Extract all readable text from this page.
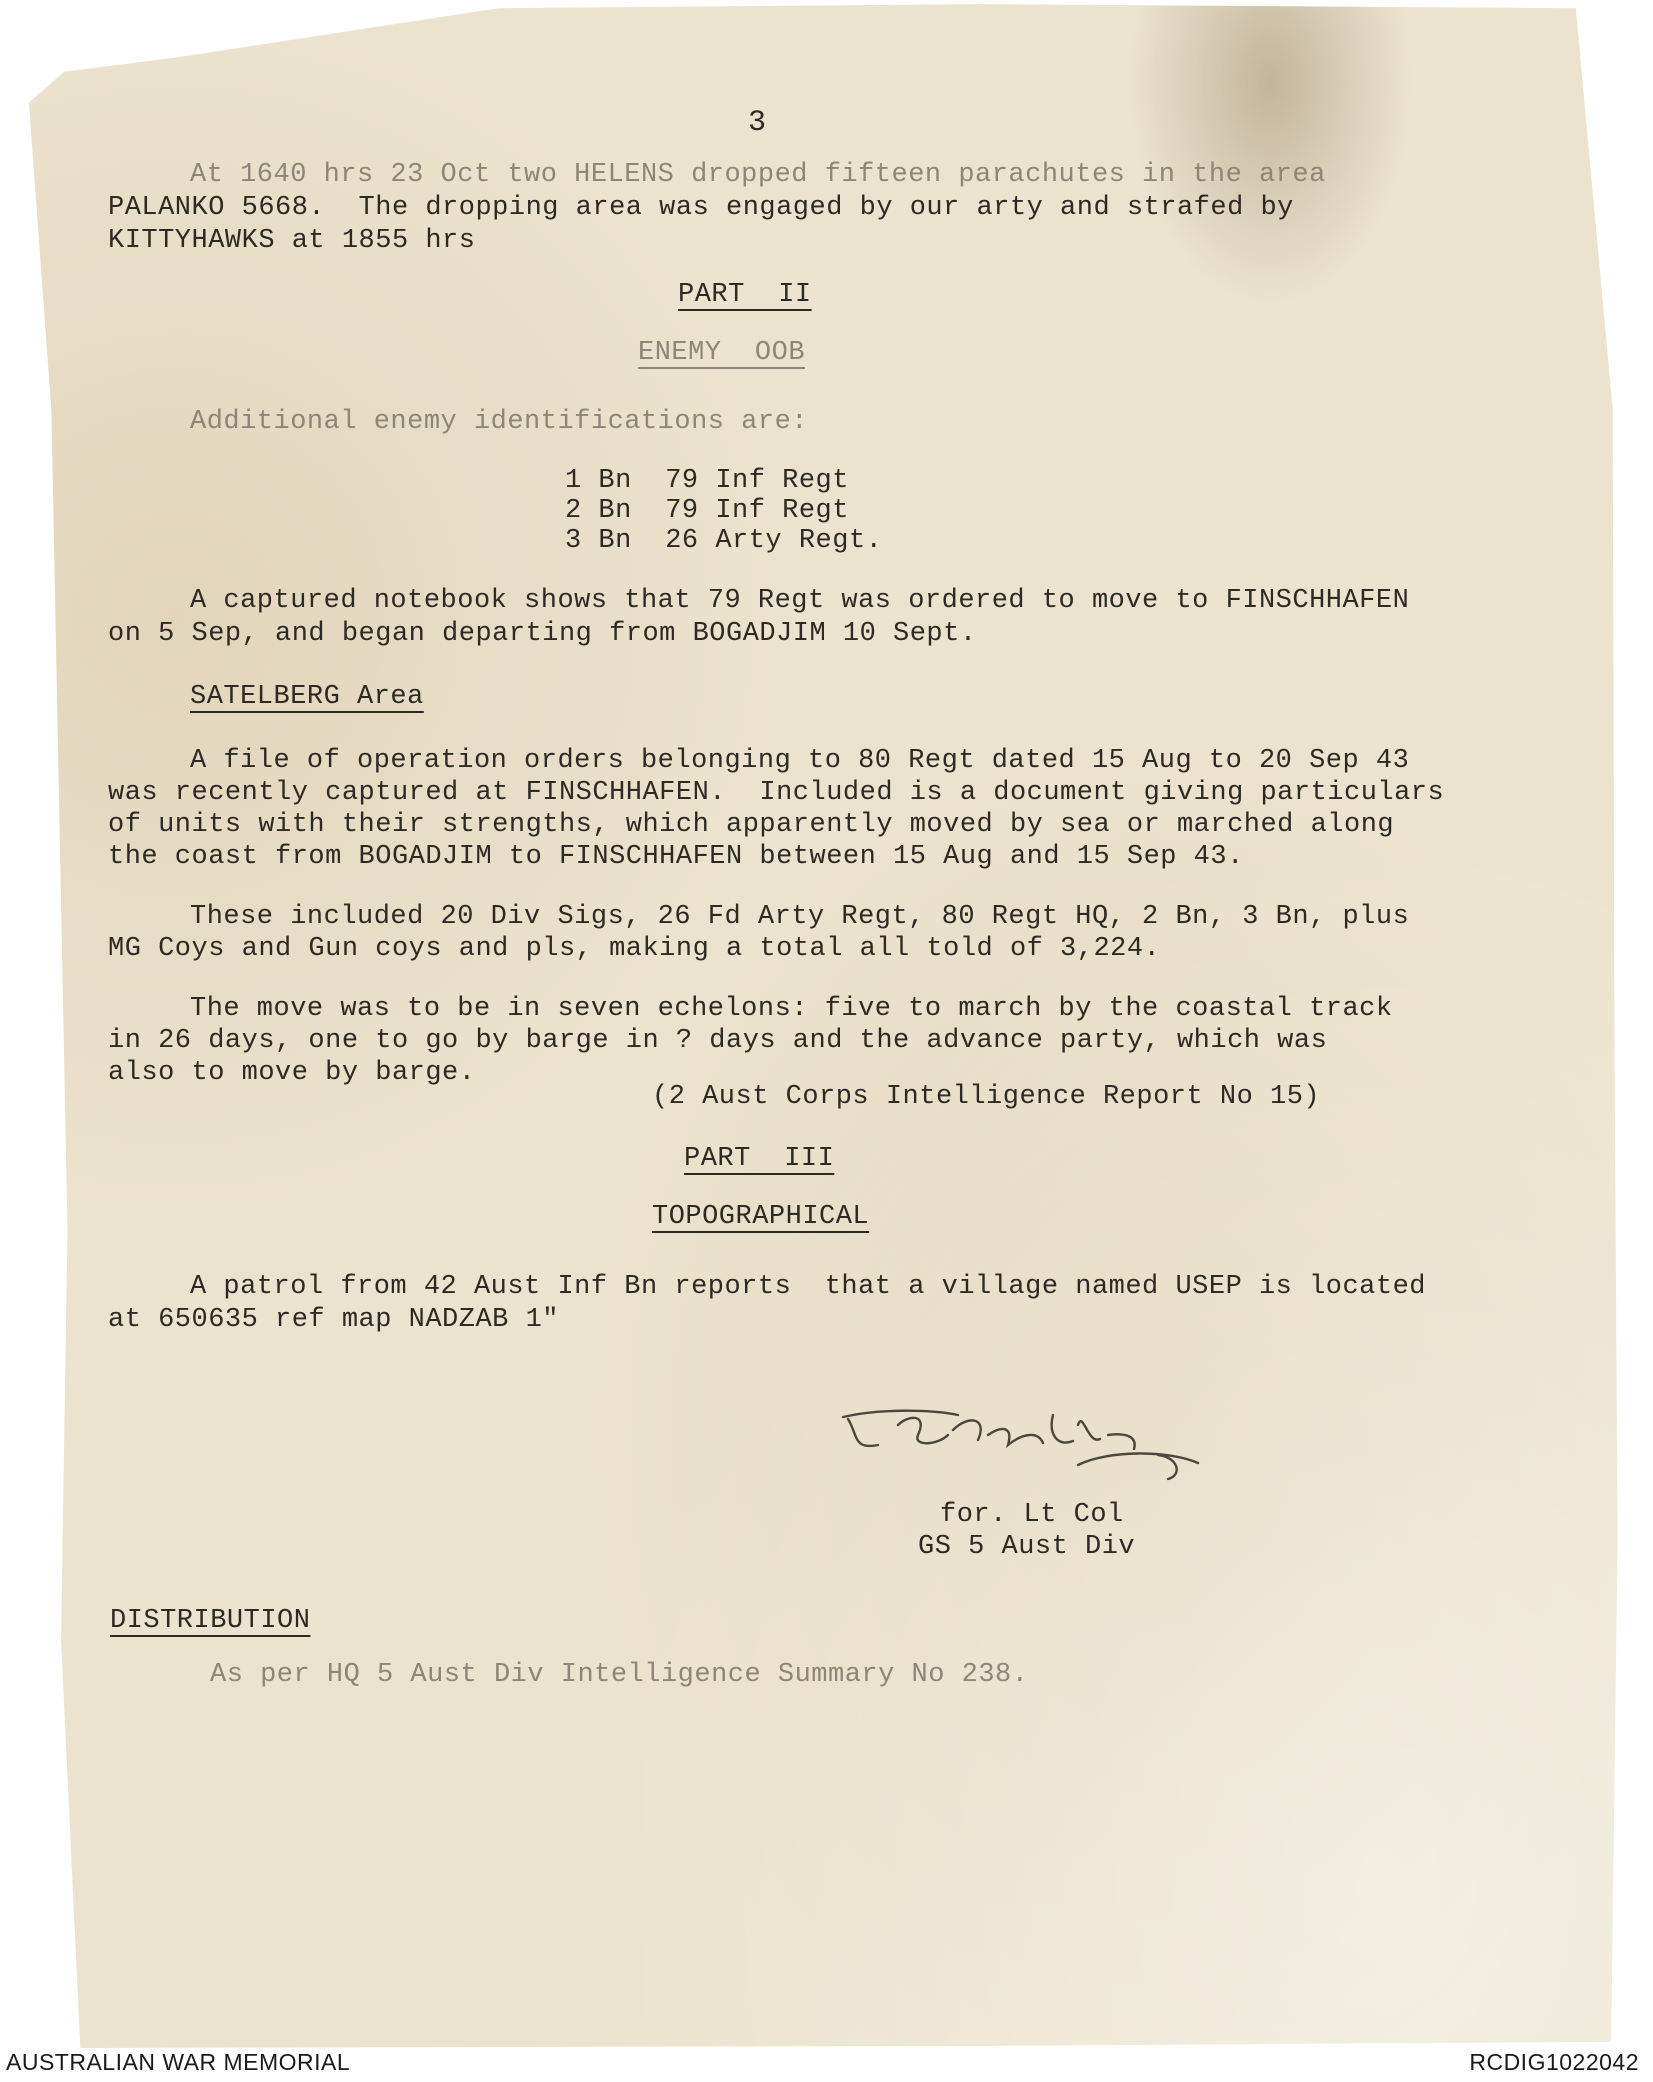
3
At 1640 hrs 23 Oct two HELENS dropped fifteen parachutes in the area
PALANKO 5668.  The dropping area was engaged by our arty and strafed by
KITTYHAWKS at 1855 hrs
PART  II
ENEMY  OOB
Additional enemy identifications are:
1 Bn  79 Inf Regt
2 Bn  79 Inf Regt
3 Bn  26 Arty Regt.
A captured notebook shows that 79 Regt was ordered to move to FINSCHHAFEN
on 5 Sep, and began departing from BOGADJIM 10 Sept.
SATELBERG Area
A file of operation orders belonging to 80 Regt dated 15 Aug to 20 Sep 43
was recently captured at FINSCHHAFEN.  Included is a document giving particulars
of units with their strengths, which apparently moved by sea or marched along
the coast from BOGADJIM to FINSCHHAFEN between 15 Aug and 15 Sep 43.
These included 20 Div Sigs, 26 Fd Arty Regt, 80 Regt HQ, 2 Bn, 3 Bn, plus
MG Coys and Gun coys and pls, making a total all told of 3,224.
The move was to be in seven echelons: five to march by the coastal track
in 26 days, one to go by barge in ? days and the advance party, which was
also to move by barge.
(2 Aust Corps Intelligence Report No 15)
PART  III
TOPOGRAPHICAL
A patrol from 42 Aust Inf Bn reports  that a village named USEP is located
at 650635 ref map NADZAB 1"
for. Lt Col
GS 5 Aust Div
DISTRIBUTION
As per HQ 5 Aust Div Intelligence Summary No 238.
AUSTRALIAN WAR MEMORIAL	RCDIG1022042
